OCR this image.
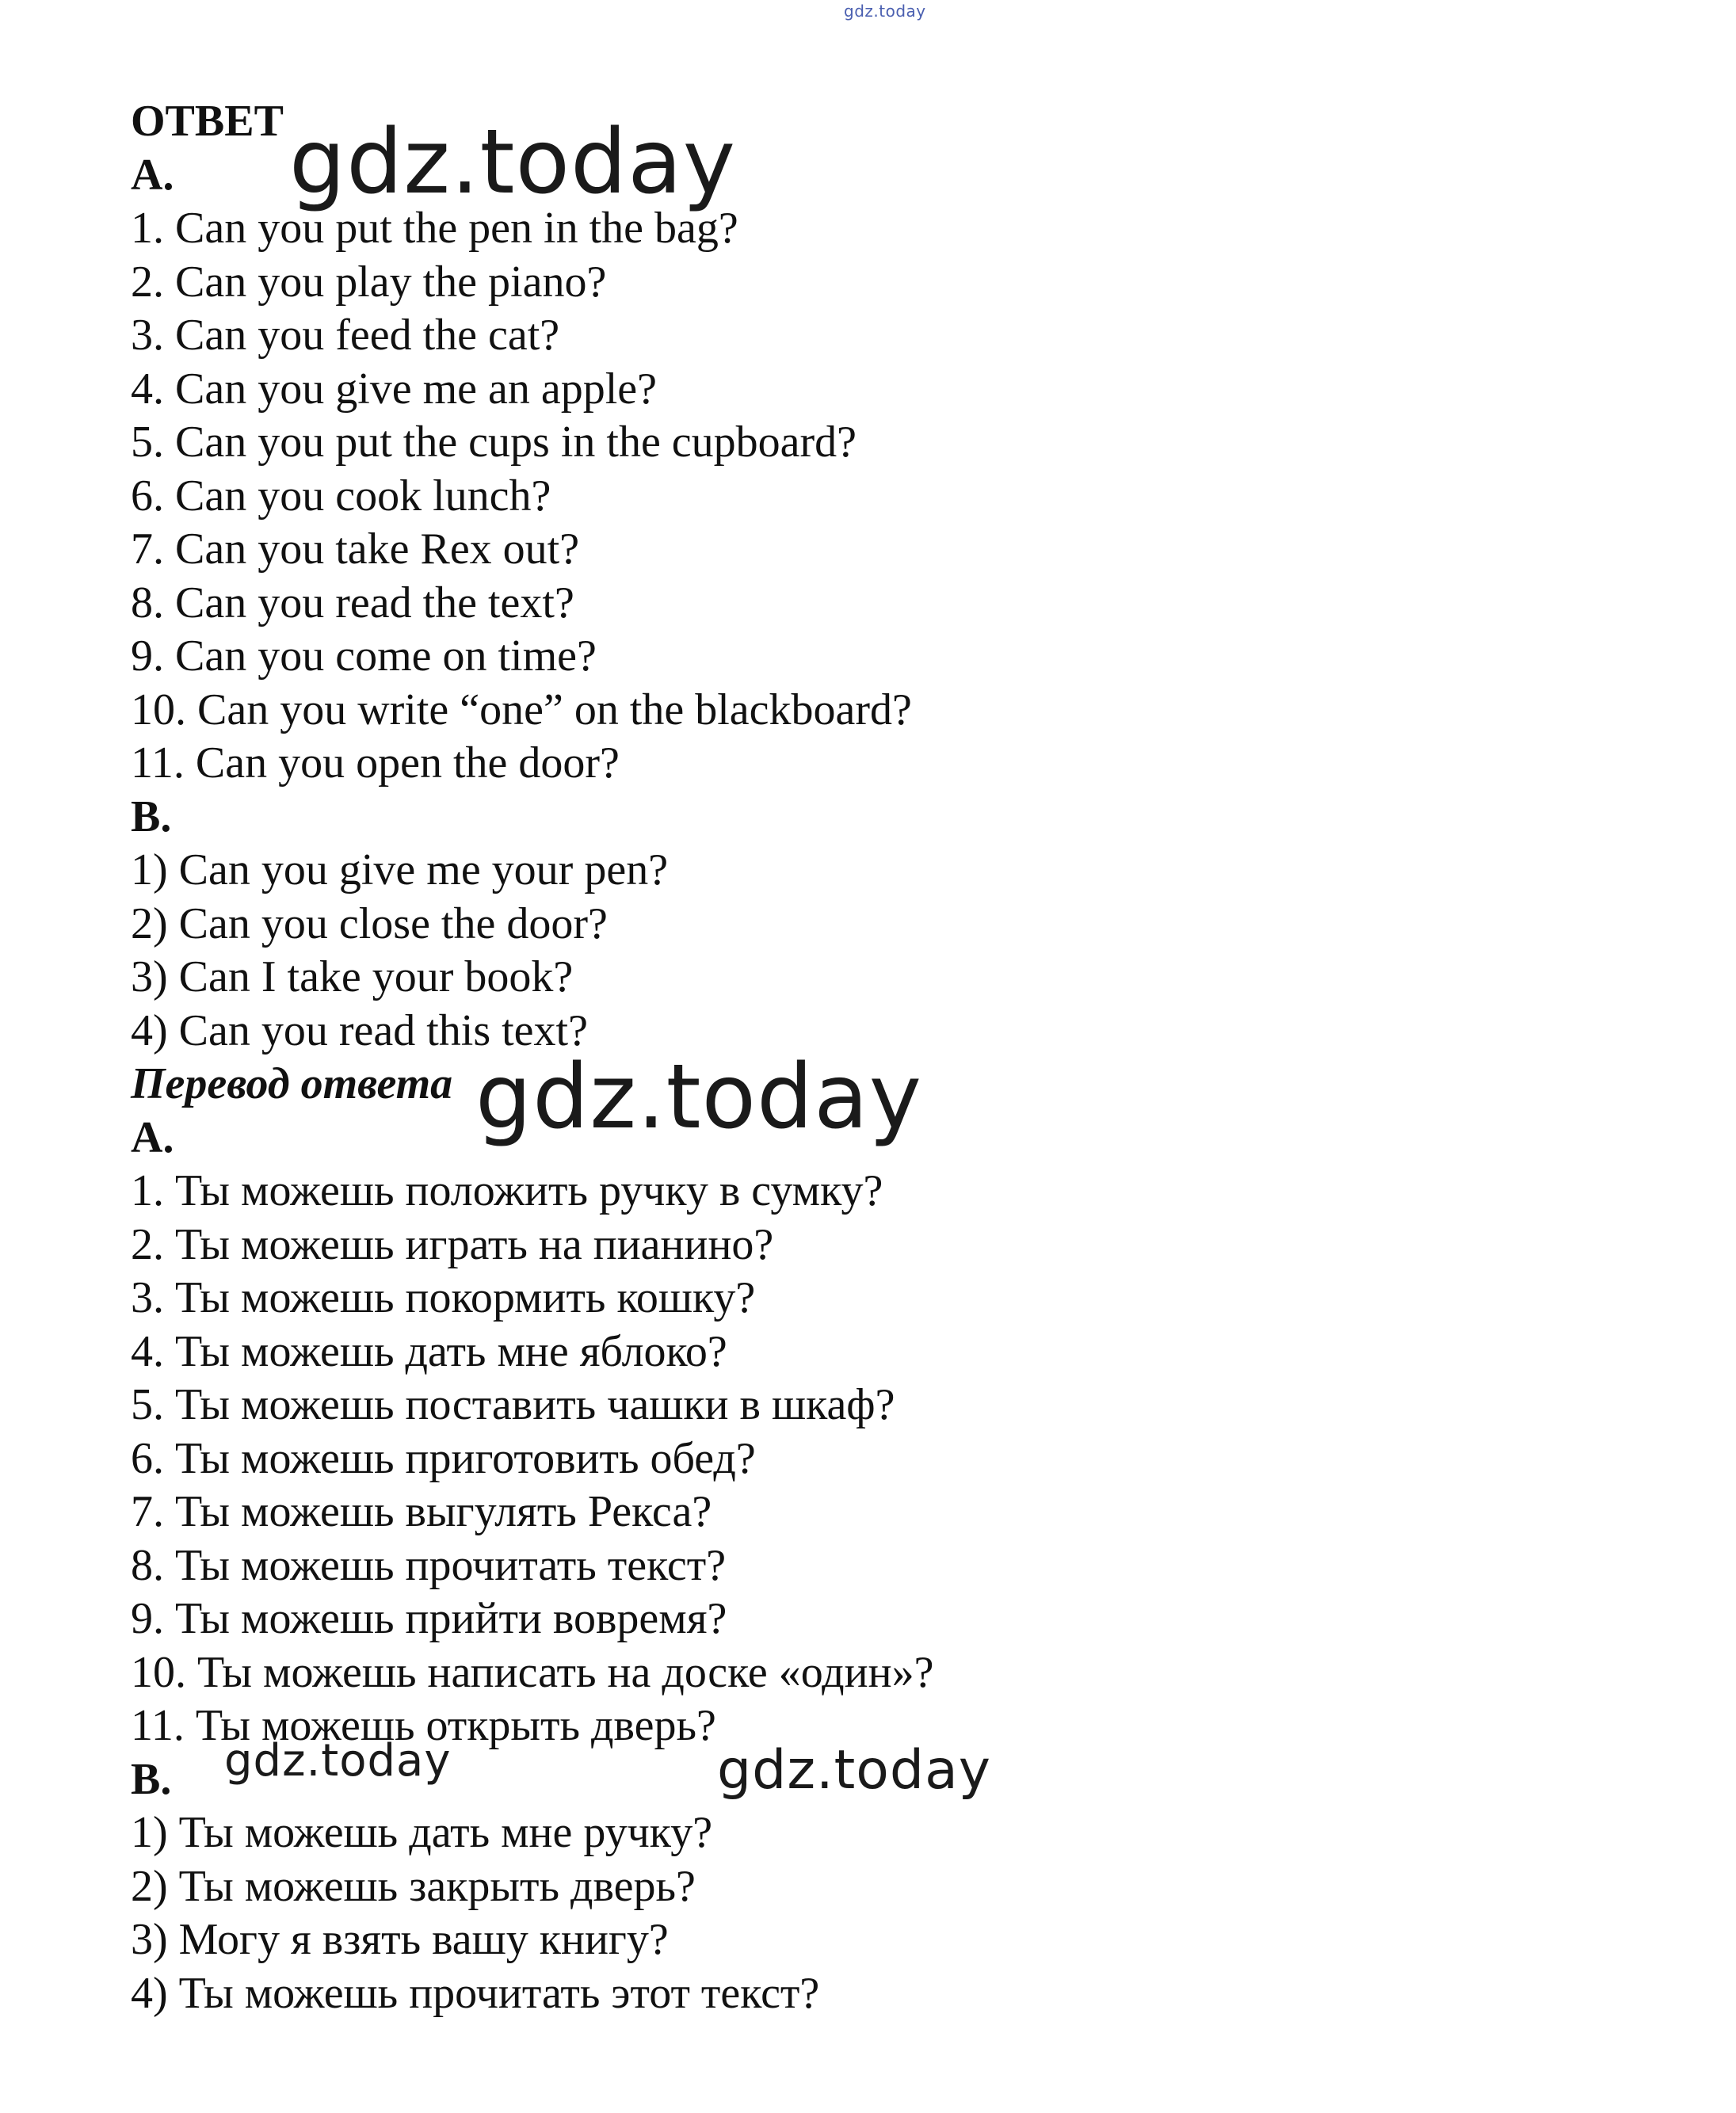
gdz.today
ОТВЕТ
A.
1. Can you put the pen in the bag?
2. Can you play the piano?
3. Can you feed the cat?
4. Can you give me an apple?
5. Can you put the cups in the cupboard?
6. Can you cook lunch?
7. Can you take Rex out?
8. Can you read the text?
9. Can you come on time?
10. Can you write “one” on the blackboard?
11. Can you open the door?
B.
1) Can you give me your pen?
2) Can you close the door?
3) Can I take your book?
4) Can you read this text?
Перевод ответа
A.
1. Ты можешь положить ручку в сумку?
2. Ты можешь играть на пианино?
3. Ты можешь покормить кошку?
4. Ты можешь дать мне яблоко?
5. Ты можешь поставить чашки в шкаф?
6. Ты можешь приготовить обед?
7. Ты можешь выгулять Рекса?
8. Ты можешь прочитать текст?
9. Ты можешь прийти вовремя?
10. Ты можешь написать на доске «один»?
11. Ты можешь открыть дверь?
B.
1) Ты можешь дать мне ручку?
2) Ты можешь закрыть дверь?
3) Могу я взять вашу книгу?
4) Ты можешь прочитать этот текст?
gdz.today
gdz.today
gdz.today	gdz.today
